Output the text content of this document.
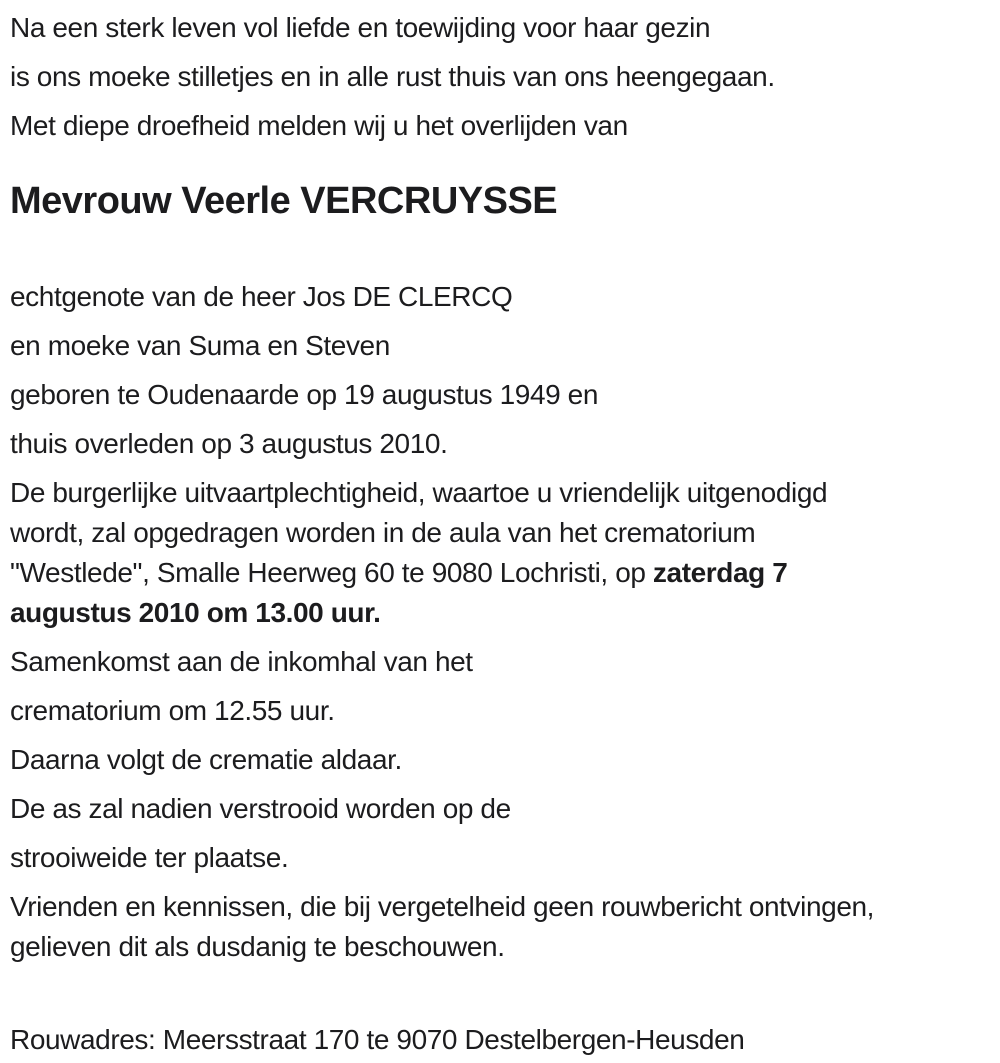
Na een sterk leven vol liefde en toewijding voor haar gezin

is ons moeke stilletjes en in alle rust thuis van ons heengegaan.

Met diepe droefheid melden wij u het overlijden van

Mevrouw Veerle VERCRUYSSE

echtgenote van de heer Jos DE CLERCQ

en moeke van Suma en Steven

geboren te Oudenaarde op 19 augustus 1949 en

thuis overleden op 3 augustus 2010.

De burgerlijke uitvaartplechtigheid, waartoe u vriendelijk uitgenodigd
wordt, zal opgedragen worden in de aula van het crematorium
"Westlede", Smalle Heerweg 60 te 9080 Lochristi, op zaterdag 7
augustus 2010 om 13.00 uur.

Samenkomst aan de inkomhal van het

crematorium om 12.55 uur.

Daarna volgt de crematie aldaar.

De as zal nadien verstrooid worden op de

strooiweide ter plaatse.

Vrienden en kennissen, die bij vergetelheid geen rouwbericht ontvingen,
gelieven dit als dusdanig te beschouwen.

Rouwadres: Meersstraat 170 te 9070 Destelbergen-Heusden
